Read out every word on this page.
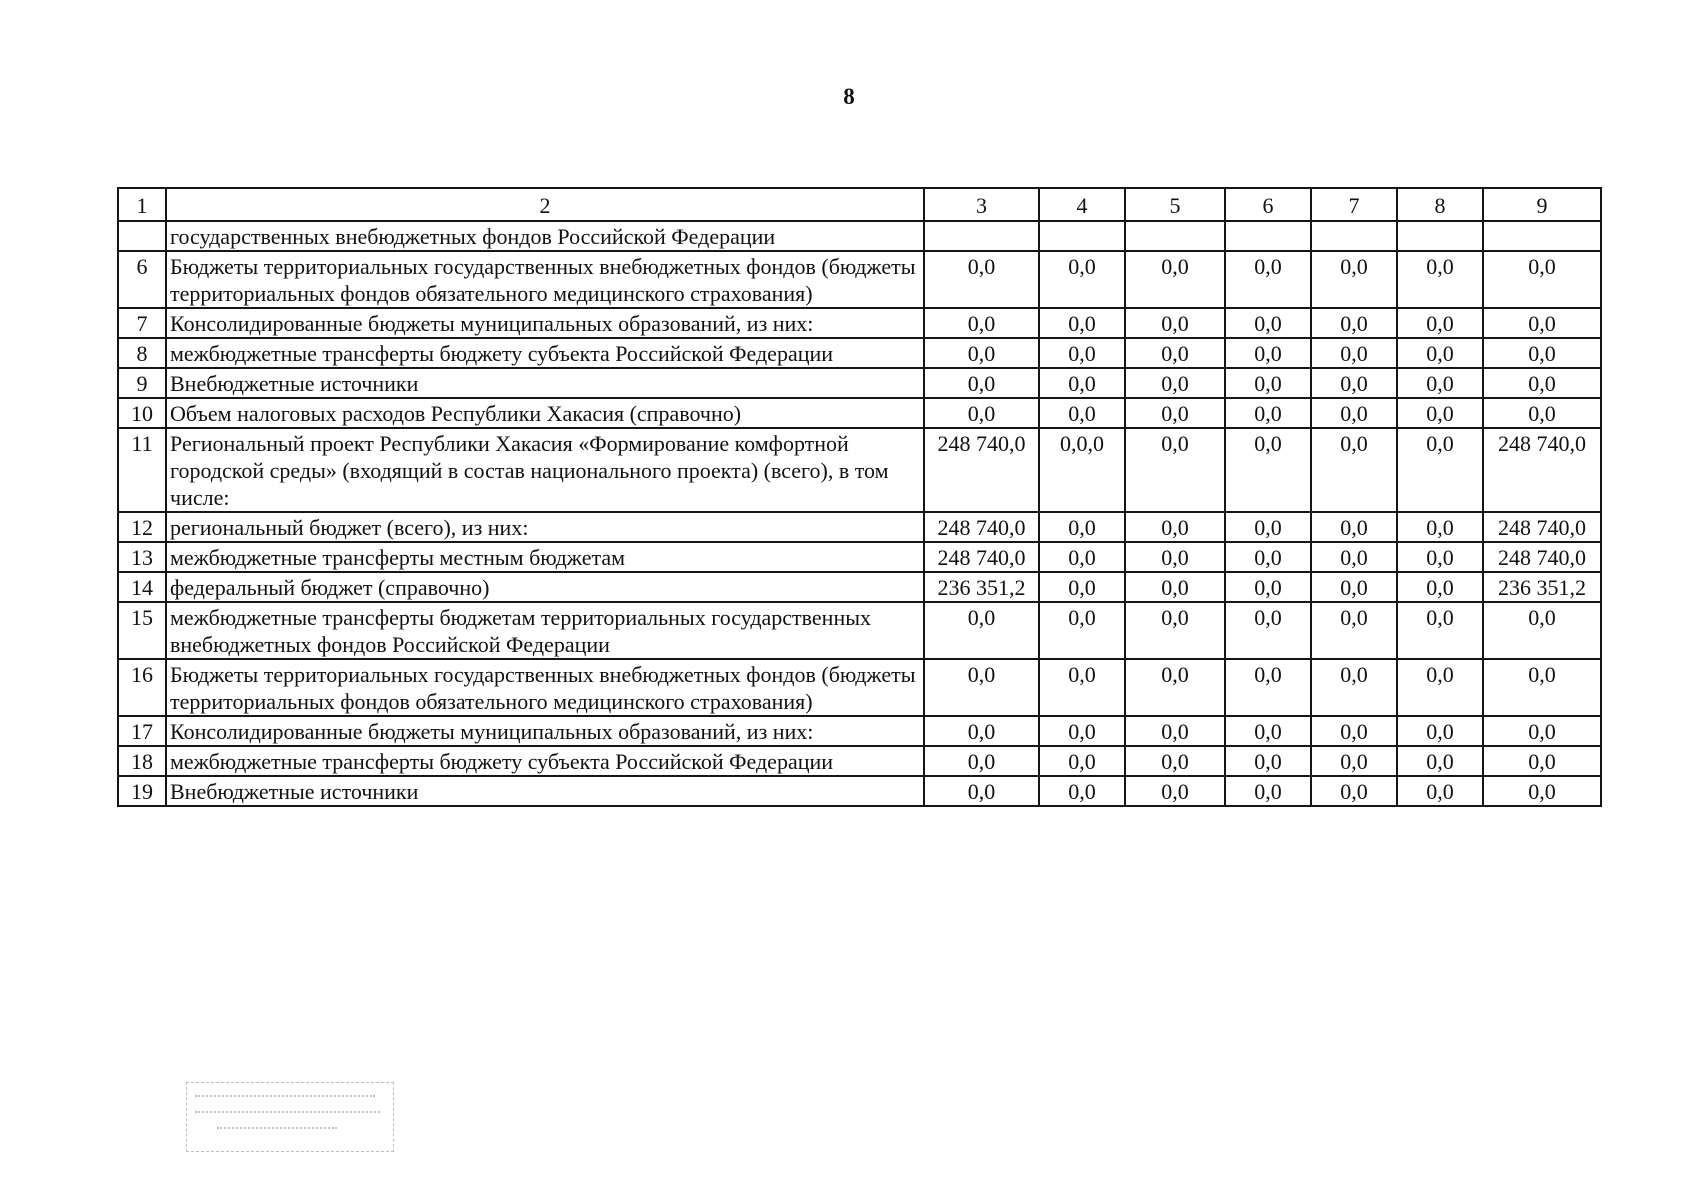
8
1	2	3	4	5	6	7	8	9
	государственных внебюджетных фондов Российской Федерации							
6	Бюджеты территориальных государственных внебюджетных фондов (бюджеты территориальных фондов обязательного медицинского страхования)	0,0	0,0	0,0	0,0	0,0	0,0	0,0
7	Консолидированные бюджеты муниципальных образований, из них:	0,0	0,0	0,0	0,0	0,0	0,0	0,0
8	межбюджетные трансферты бюджету субъекта Российской Федерации	0,0	0,0	0,0	0,0	0,0	0,0	0,0
9	Внебюджетные источники	0,0	0,0	0,0	0,0	0,0	0,0	0,0
10	Объем налоговых расходов Республики Хакасия (справочно)	0,0	0,0	0,0	0,0	0,0	0,0	0,0
11	Региональный проект Республики Хакасия «Формирование комфортной городской среды» (входящий в состав национального проекта) (всего), в том числе:	248 740,0	0,0,0	0,0	0,0	0,0	0,0	248 740,0
12	региональный бюджет (всего), из них:	248 740,0	0,0	0,0	0,0	0,0	0,0	248 740,0
13	межбюджетные трансферты местным бюджетам	248 740,0	0,0	0,0	0,0	0,0	0,0	248 740,0
14	федеральный бюджет (справочно)	236 351,2	0,0	0,0	0,0	0,0	0,0	236 351,2
15	межбюджетные трансферты бюджетам территориальных государственных внебюджетных фондов Российской Федерации	0,0	0,0	0,0	0,0	0,0	0,0	0,0
16	Бюджеты территориальных государственных внебюджетных фондов (бюджеты территориальных фондов обязательного медицинского страхования)	0,0	0,0	0,0	0,0	0,0	0,0	0,0
17	Консолидированные бюджеты муниципальных образований, из них:	0,0	0,0	0,0	0,0	0,0	0,0	0,0
18	межбюджетные трансферты бюджету субъекта Российской Федерации	0,0	0,0	0,0	0,0	0,0	0,0	0,0
19	Внебюджетные источники	0,0	0,0	0,0	0,0	0,0	0,0	0,0
